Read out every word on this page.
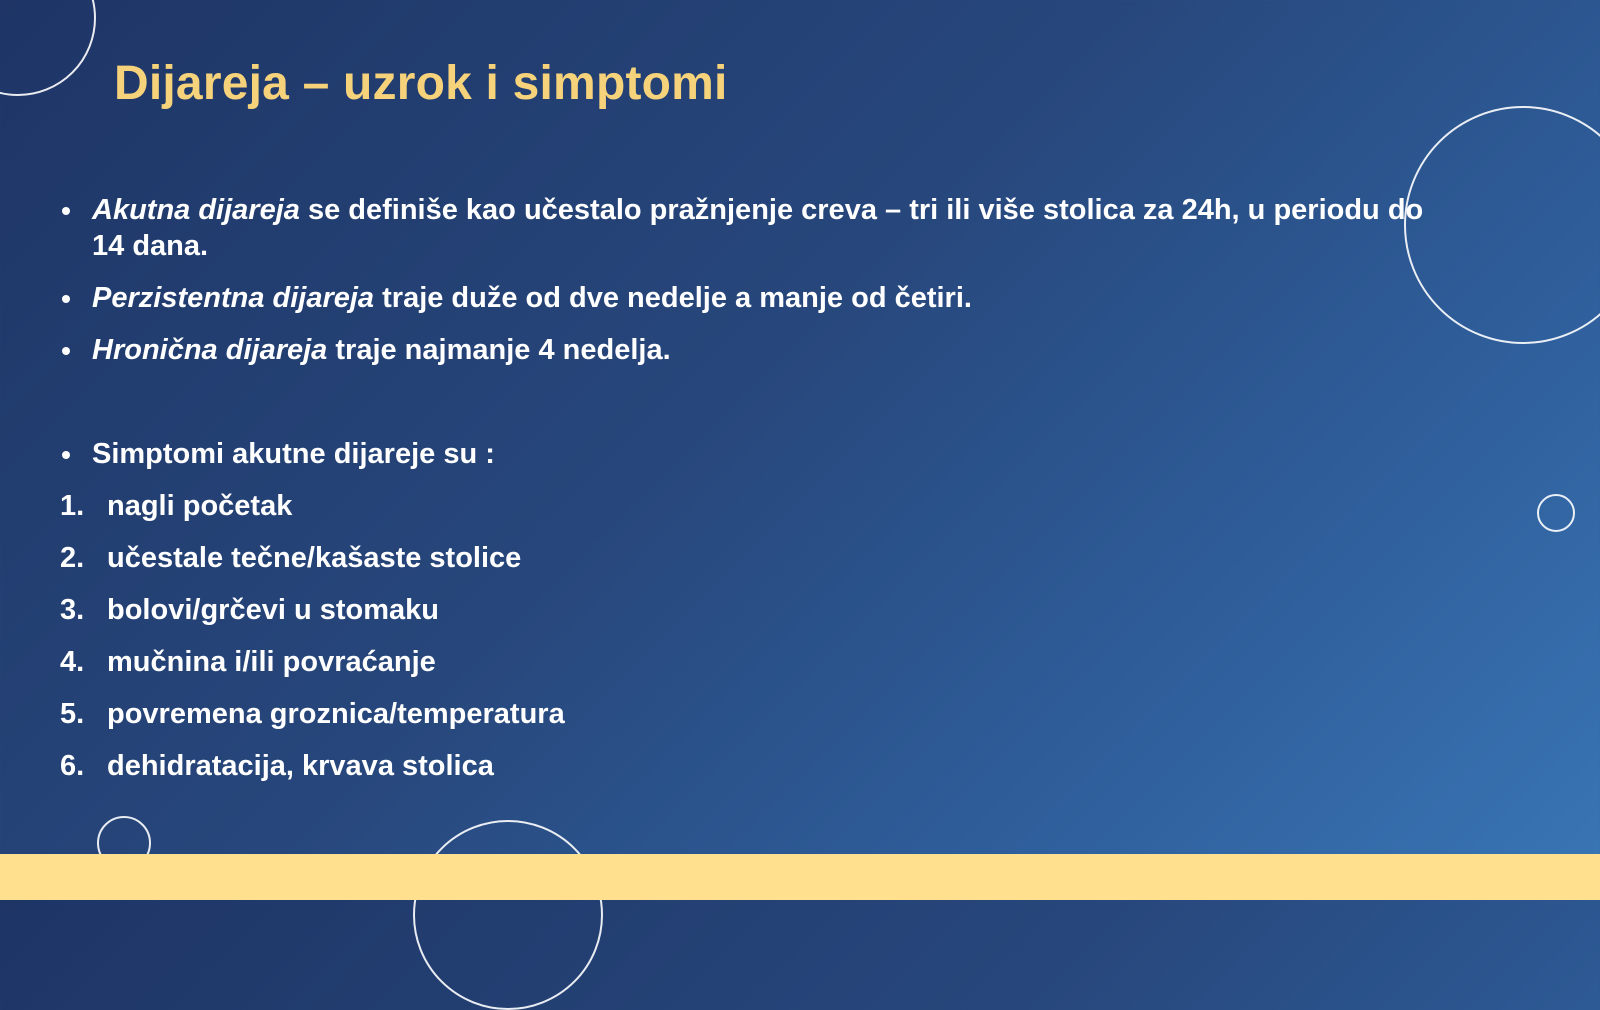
Dijareja – uzrok i simptomi
Akutna dijareja se definiše kao učestalo pražnjenje creva – tri ili više stolica za 24h, u periodu do 14 dana.
Perzistentna dijareja traje duže od dve nedelje a manje od četiri.
Hronična dijareja traje najmanje 4 nedelja.
Simptomi akutne dijareje su :
1. nagli početak
2. učestale tečne/kašaste stolice
3. bolovi/grčevi u stomaku
4. mučnina i/ili povraćanje
5. povremena groznica/temperatura
6. dehidratacija, krvava stolica
